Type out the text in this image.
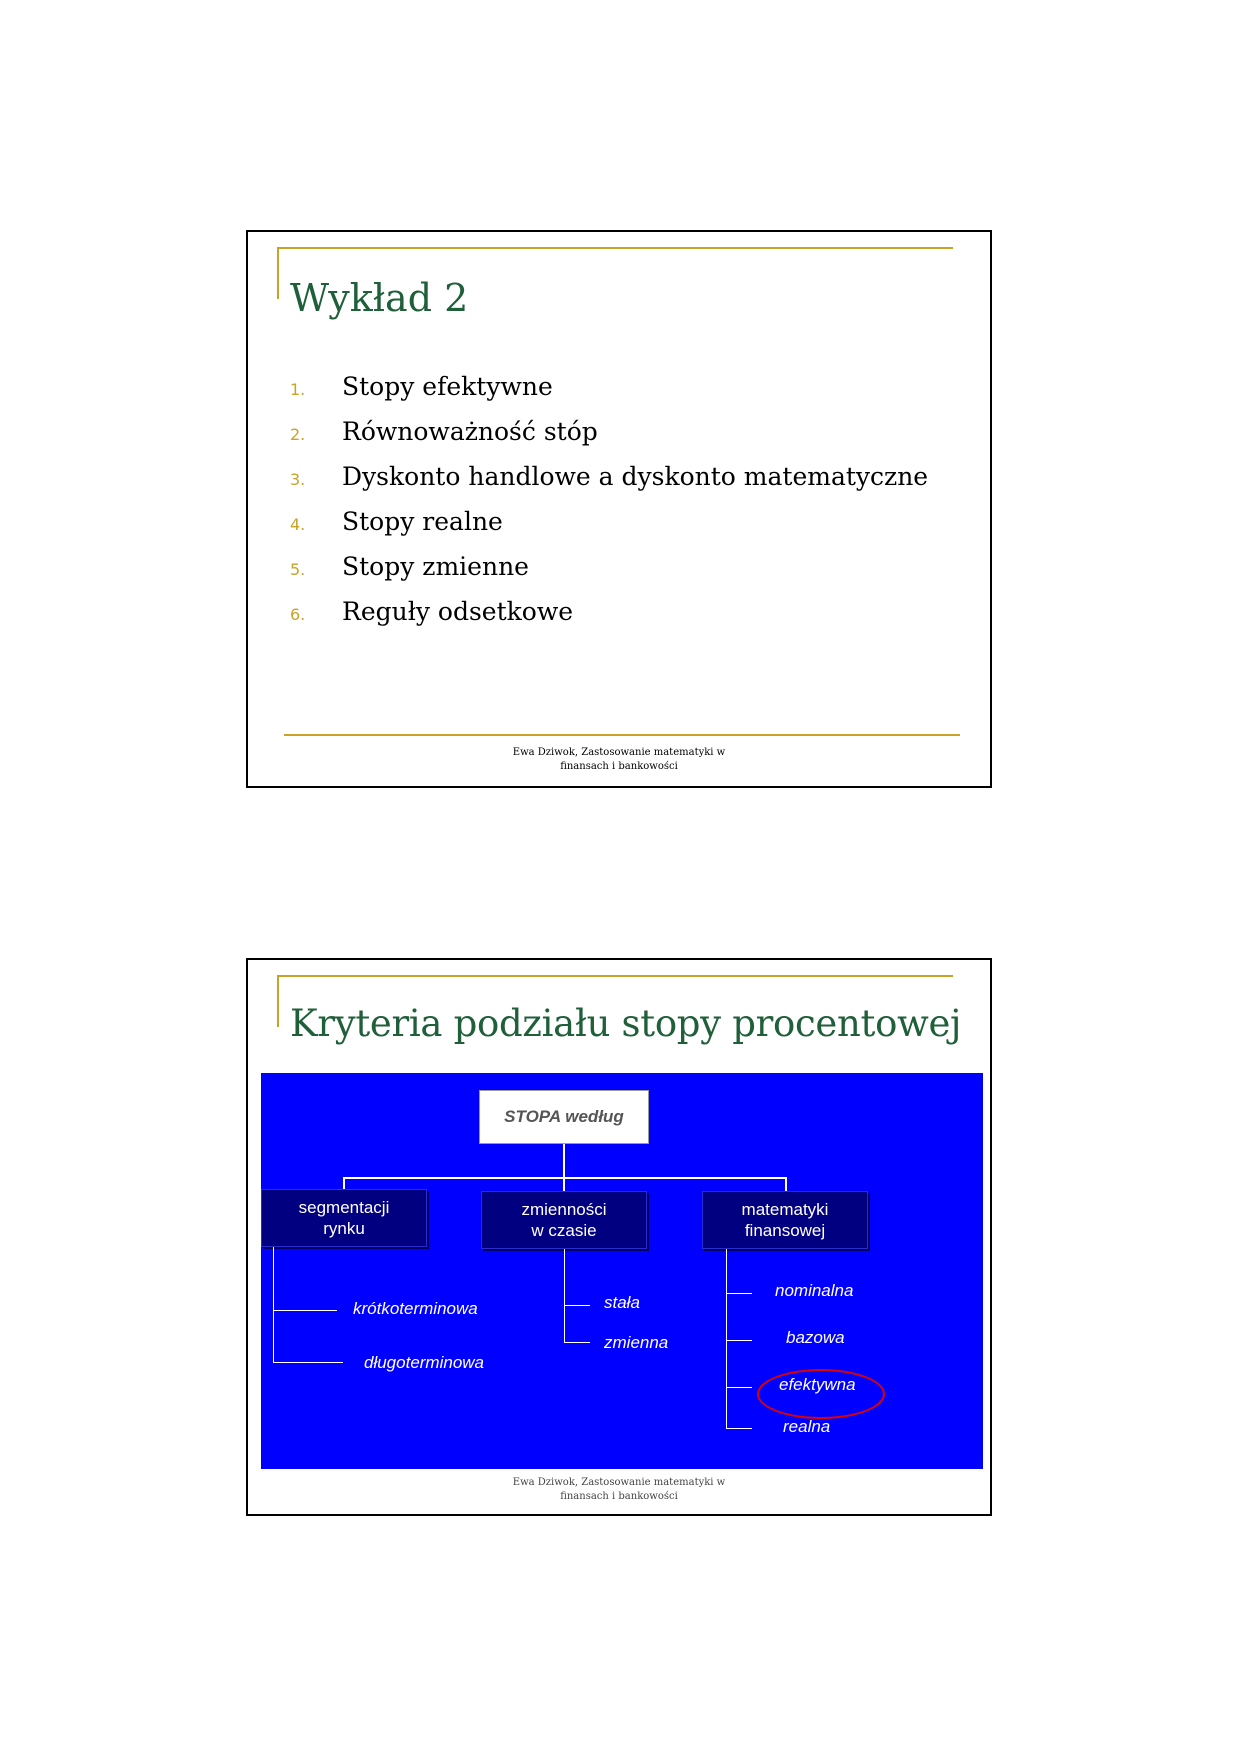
Wykład 2
1.	Stopy efektywne
2.	Równoważność stóp
3.	Dyskonto handlowe a dyskonto matematyczne
4.	Stopy realne
5.	Stopy zmienne
6.	Reguły odsetkowe
Ewa Dziwok, Zastosowanie matematyki w
finansach i bankowości
Kryteria podziału stopy procentowej
STOPA według
segmentacji
rynku
zmienności
w czasie
matematyki
finansowej
krótkoterminowa
długoterminowa
stała
zmienna
nominalna
bazowa
efektywna
realna
Ewa Dziwok, Zastosowanie matematyki w
finansach i bankowości
